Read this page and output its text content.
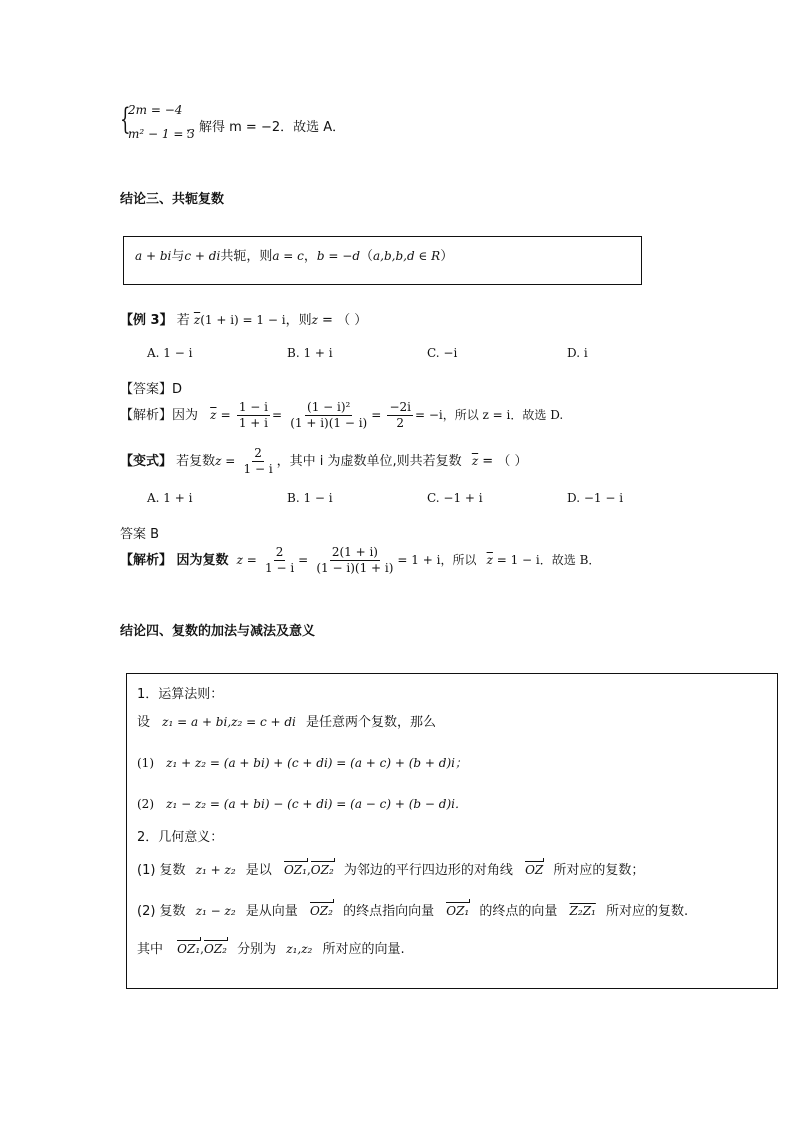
{
2m = −4
m² − 1 = 3
，解得 m = −2．故选 A．
结论三、共轭复数
a + bi与c + di共轭，则a = c，b = −d（a,b,b,d ∈ R）
【例 3】 若 $\overline{z}(1 + i) = 1 - i$，则z = （ ）
A. 1 − i	B. 1 + i	C. −i	D. i
【答案】D
【解析】因为 $\overline{z} = \frac{1 - i}{1 + i} = \frac{\text{(1 − i)²}}{(1 + i)(1 - i)} = \frac{-2i}{2} = -i$，所以 z = i．故选 D.
【变式】 若复数$z = \frac{2}{1 - i}$ ，其中 i 为虚数单位,则共若复数 $\overline{z}$ = （ ）
A. 1 + i	B. 1 − i	C. −1 + i	D. −1 − i
答案 B
【解析】 因为复数 $z = \frac{2}{1 - i} = \frac{2(1 + i)}{(1 - i)(1 + i)} = 1 + i$，所以 $\overline{z} = 1 - i$．故选 B．
结论四、复数的加法与减法及意义
1．运算法则：
设 z₁ = a + bi,z₂ = c + di 是任意两个复数，那么
(1) z₁ + z₂ = (a + bi) + (c + di) = (a + c) + (b + d)i；
(2) z₁ − z₂ = (a + bi) − (c + di) = (a − c) + (b − d)i．
2．几何意义：
(1) 复数 z₁ + z₂ 是以 OZ₁,OZ₂ 为邻边的平行四边形的对角线 OZ 所对应的复数；
(2) 复数 z₁ − z₂ 是从向量 OZ₂ 的终点指向向量 OZ₁ 的终点的向量 Z₂Z₁ 所对应的复数.
其中 OZ₁,OZ₂ 分别为 z₁,z₂ 所对应的向量.
